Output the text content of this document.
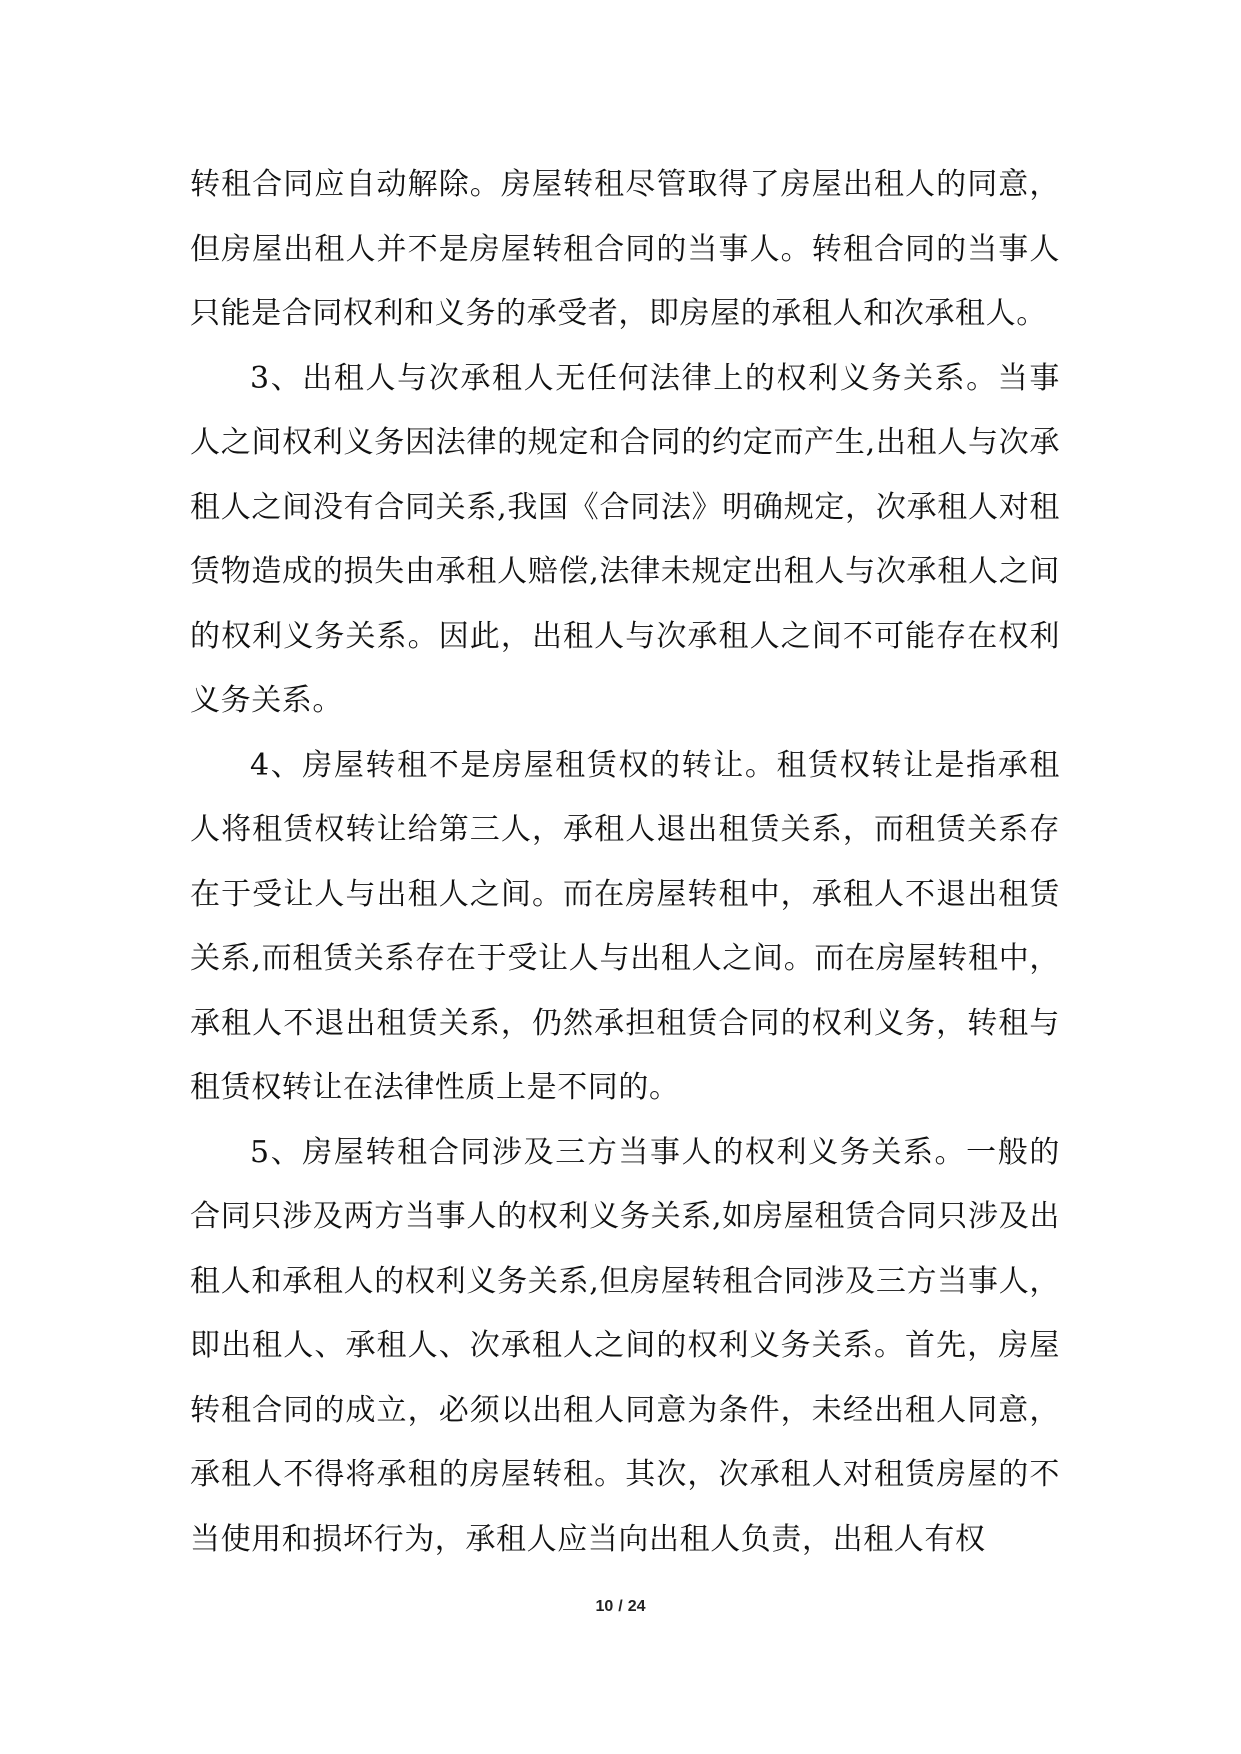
转租合同应自动解除。房屋转租尽管取得了房屋出租人的同意，但房屋出租人并不是房屋转租合同的当事人。转租合同的当事人只能是合同权利和义务的承受者，即房屋的承租人和次承租人。

3、出租人与次承租人无任何法律上的权利义务关系。当事人之间权利义务因法律的规定和合同的约定而产生,出租人与次承租人之间没有合同关系,我国《合同法》明确规定，次承租人对租赁物造成的损失由承租人赔偿,法律未规定出租人与次承租人之间的权利义务关系。因此，出租人与次承租人之间不可能存在权利义务关系。

4、房屋转租不是房屋租赁权的转让。租赁权转让是指承租人将租赁权转让给第三人，承租人退出租赁关系，而租赁关系存在于受让人与出租人之间。而在房屋转租中，承租人不退出租赁关系,而租赁关系存在于受让人与出租人之间。而在房屋转租中，承租人不退出租赁关系，仍然承担租赁合同的权利义务，转租与租赁权转让在法律性质上是不同的。

5、房屋转租合同涉及三方当事人的权利义务关系。一般的合同只涉及两方当事人的权利义务关系,如房屋租赁合同只涉及出租人和承租人的权利义务关系,但房屋转租合同涉及三方当事人，即出租人、承租人、次承租人之间的权利义务关系。首先，房屋转租合同的成立，必须以出租人同意为条件，未经出租人同意，承租人不得将承租的房屋转租。其次，次承租人对租赁房屋的不当使用和损坏行为，承租人应当向出租人负责，出租人有权

10 / 24
